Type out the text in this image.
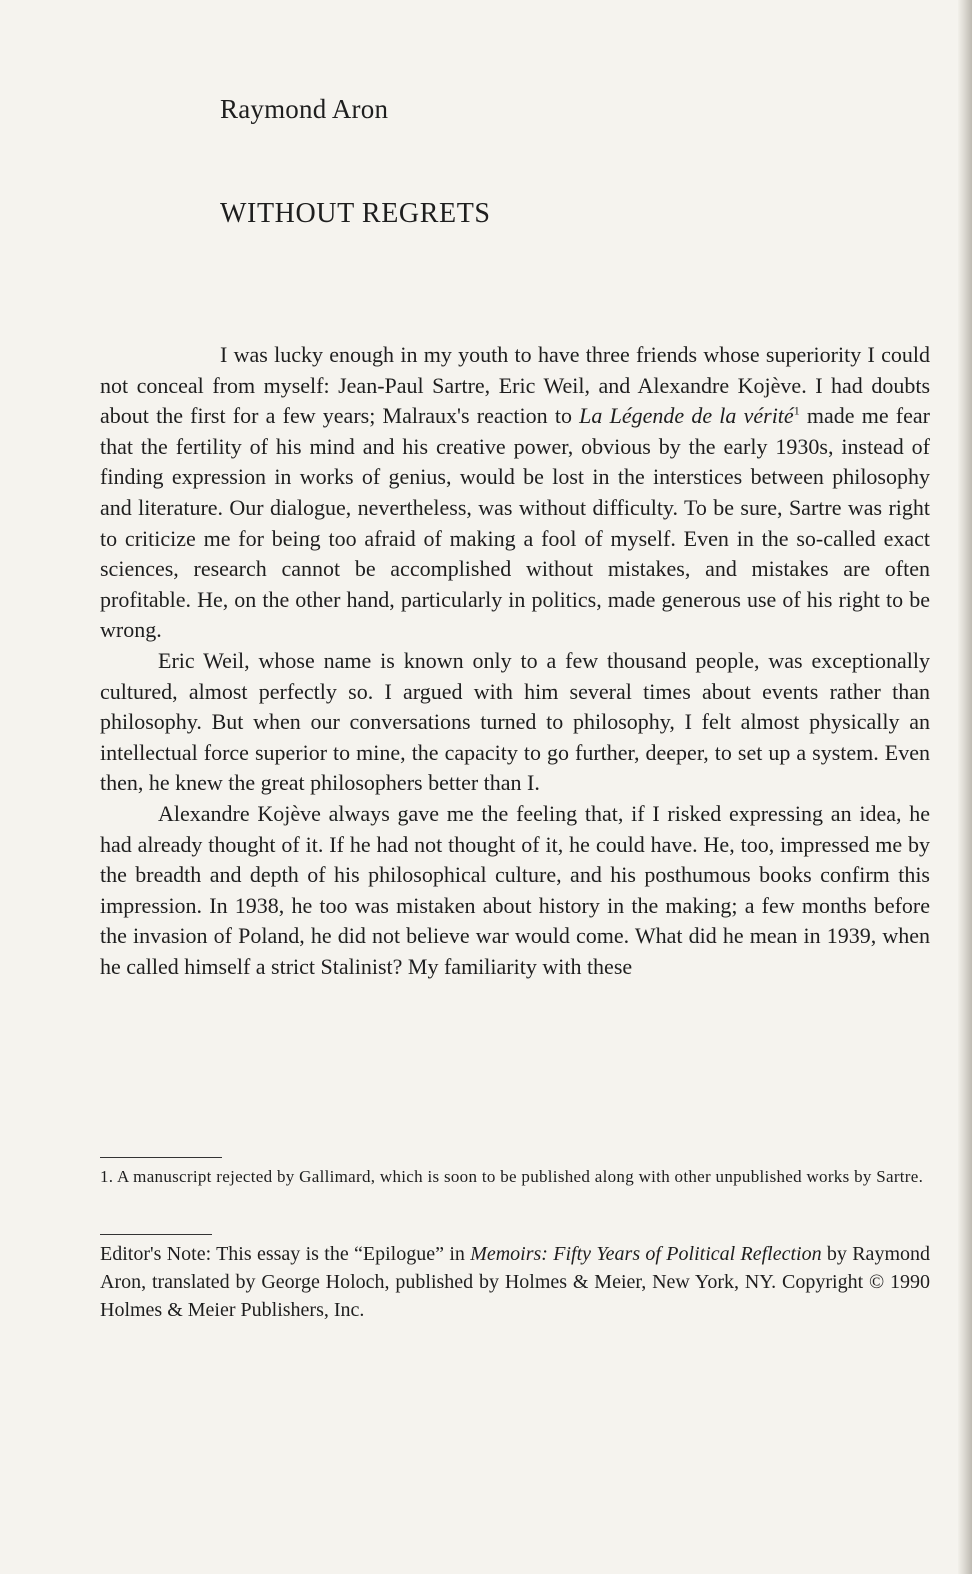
Raymond Aron
WITHOUT REGRETS

I was lucky enough in my youth to have three friends whose superiority I could not conceal from myself: Jean-Paul Sartre, Eric Weil, and Alexandre Kojève. I had doubts about the first for a few years; Malraux's reaction to La Légende de la vérité$^1$ made me fear that the fertility of his mind and his creative power, obvious by the early 1930s, instead of finding expression in works of genius, would be lost in the interstices between philosophy and literature. Our dialogue, nevertheless, was without difficulty. To be sure, Sartre was right to criticize me for being too afraid of making a fool of myself. Even in the so-called exact sciences, research cannot be accomplished without mistakes, and mistakes are often profitable. He, on the other hand, particularly in politics, made generous use of his right to be wrong.

Eric Weil, whose name is known only to a few thousand people, was exceptionally cultured, almost perfectly so. I argued with him several times about events rather than philosophy. But when our conversations turned to philosophy, I felt almost physically an intellectual force superior to mine, the capacity to go further, deeper, to set up a system. Even then, he knew the great philosophers better than I.

Alexandre Kojève always gave me the feeling that, if I risked expressing an idea, he had already thought of it. If he had not thought of it, he could have. He, too, impressed me by the breadth and depth of his philosophical culture, and his posthumous books confirm this impression. In 1938, he too was mistaken about history in the making; a few months before the invasion of Poland, he did not believe war would come. What did he mean in 1939, when he called himself a strict Stalinist? My familiarity with these

1. A manuscript rejected by Gallimard, which is soon to be published along with other unpublished works by Sartre.
Editor's Note: This essay is the “Epilogue” in Memoirs: Fifty Years of Political Reflection by Raymond Aron, translated by George Holoch, published by Holmes & Meier, New York, NY. Copyright © 1990 Holmes & Meier Publishers, Inc.
